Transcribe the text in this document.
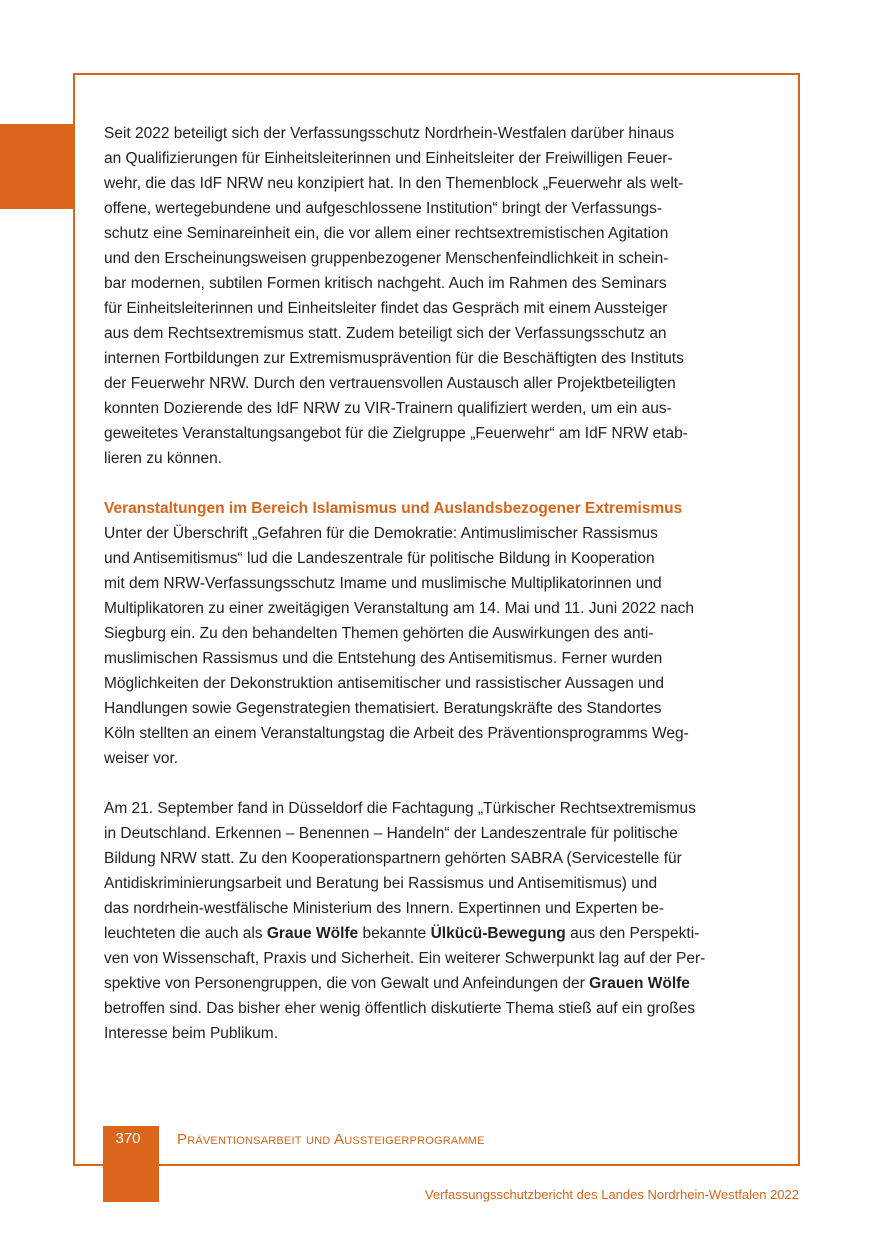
Seit 2022 beteiligt sich der Verfassungsschutz Nordrhein-Westfalen darüber hinaus
an Qualifizierungen für Einheitsleiterinnen und Einheitsleiter der Freiwilligen Feuer-
wehr, die das IdF NRW neu konzipiert hat. In den Themenblock „Feuerwehr als welt-
offene, wertegebundene und aufgeschlossene Institution“ bringt der Verfassungs-
schutz eine Seminareinheit ein, die vor allem einer rechtsextremistischen Agitation
und den Erscheinungsweisen gruppenbezogener Menschenfeindlichkeit in schein-
bar modernen, subtilen Formen kritisch nachgeht. Auch im Rahmen des Seminars
für Einheitsleiterinnen und Einheitsleiter findet das Gespräch mit einem Aussteiger
aus dem Rechtsextremismus statt. Zudem beteiligt sich der Verfassungsschutz an
internen Fortbildungen zur Extremismusprävention für die Beschäftigten des Instituts
der Feuerwehr NRW. Durch den vertrauensvollen Austausch aller Projektbeteiligten
konnten Dozierende des IdF NRW zu VIR-Trainern qualifiziert werden, um ein aus-
geweitetes Veranstaltungsangebot für die Zielgruppe „Feuerwehr“ am IdF NRW etab-
lieren zu können.

Veranstaltungen im Bereich Islamismus und Auslandsbezogener Extremismus

Unter der Überschrift „Gefahren für die Demokratie: Antimuslimischer Rassismus
und Antisemitismus“ lud die Landeszentrale für politische Bildung in Kooperation
mit dem NRW-Verfassungsschutz Imame und muslimische Multiplikatorinnen und
Multiplikatoren zu einer zweitägigen Veranstaltung am 14. Mai und 11. Juni 2022 nach
Siegburg ein. Zu den behandelten Themen gehörten die Auswirkungen des anti-
muslimischen Rassismus und die Entstehung des Antisemitismus. Ferner wurden
Möglichkeiten der Dekonstruktion antisemitischer und rassistischer Aussagen und
Handlungen sowie Gegenstrategien thematisiert. Beratungskräfte des Standortes
Köln stellten an einem Veranstaltungstag die Arbeit des Präventionsprogramms Weg-
weiser vor.

Am 21. September fand in Düsseldorf die Fachtagung „Türkischer Rechtsextremismus
in Deutschland. Erkennen – Benennen – Handeln“ der Landeszentrale für politische
Bildung NRW statt. Zu den Kooperationspartnern gehörten SABRA (Servicestelle für
Antidiskriminierungsarbeit und Beratung bei Rassismus und Antisemitismus) und
das nordrhein-westfälische Ministerium des Innern. Expertinnen und Experten be-
leuchteten die auch als Graue Wölfe bekannte Ülkücü-Bewegung aus den Perspekti-
ven von Wissenschaft, Praxis und Sicherheit. Ein weiterer Schwerpunkt lag auf der Per-
spektive von Personengruppen, die von Gewalt und Anfeindungen der Grauen Wölfe
betroffen sind. Das bisher eher wenig öffentlich diskutierte Thema stieß auf ein großes
Interesse beim Publikum.

370	Präventionsarbeit und Aussteigerprogramme
Verfassungsschutzbericht des Landes Nordrhein-Westfalen 2022
